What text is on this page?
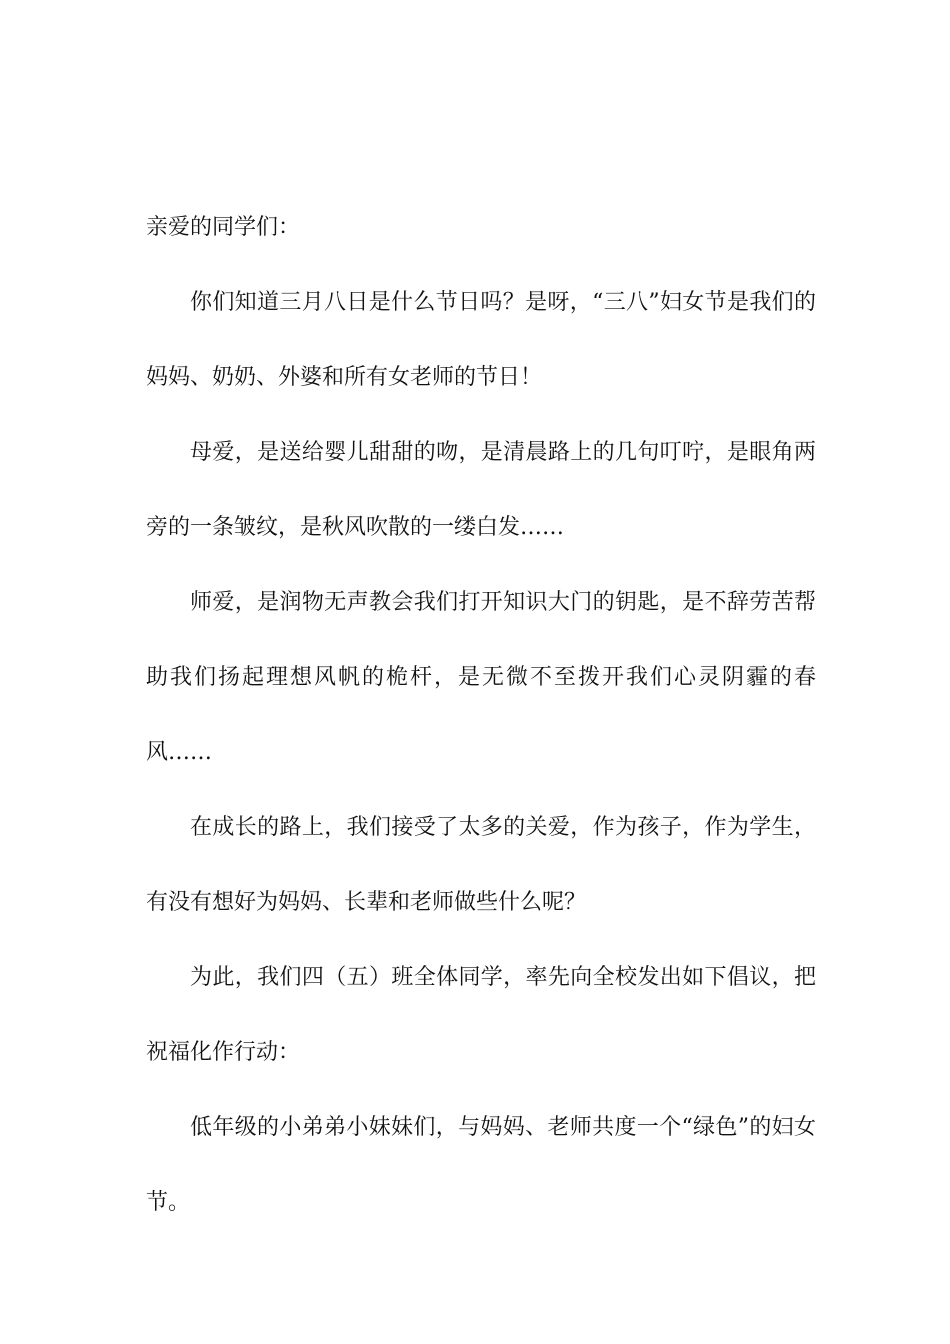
亲爱的同学们：

你们知道三月八日是什么节日吗？是呀，“三八”妇女节是我们的妈妈、奶奶、外婆和所有女老师的节日！

母爱，是送给婴儿甜甜的吻，是清晨路上的几句叮咛，是眼角两旁的一条皱纹，是秋风吹散的一缕白发……

师爱，是润物无声教会我们打开知识大门的钥匙，是不辞劳苦帮助我们扬起理想风帆的桅杆，是无微不至拨开我们心灵阴霾的春风……

在成长的路上，我们接受了太多的关爱，作为孩子，作为学生，有没有想好为妈妈、长辈和老师做些什么呢？

为此，我们四（五）班全体同学，率先向全校发出如下倡议，把祝福化作行动：

低年级的小弟弟小妹妹们，与妈妈、老师共度一个“绿色”的妇女节。
